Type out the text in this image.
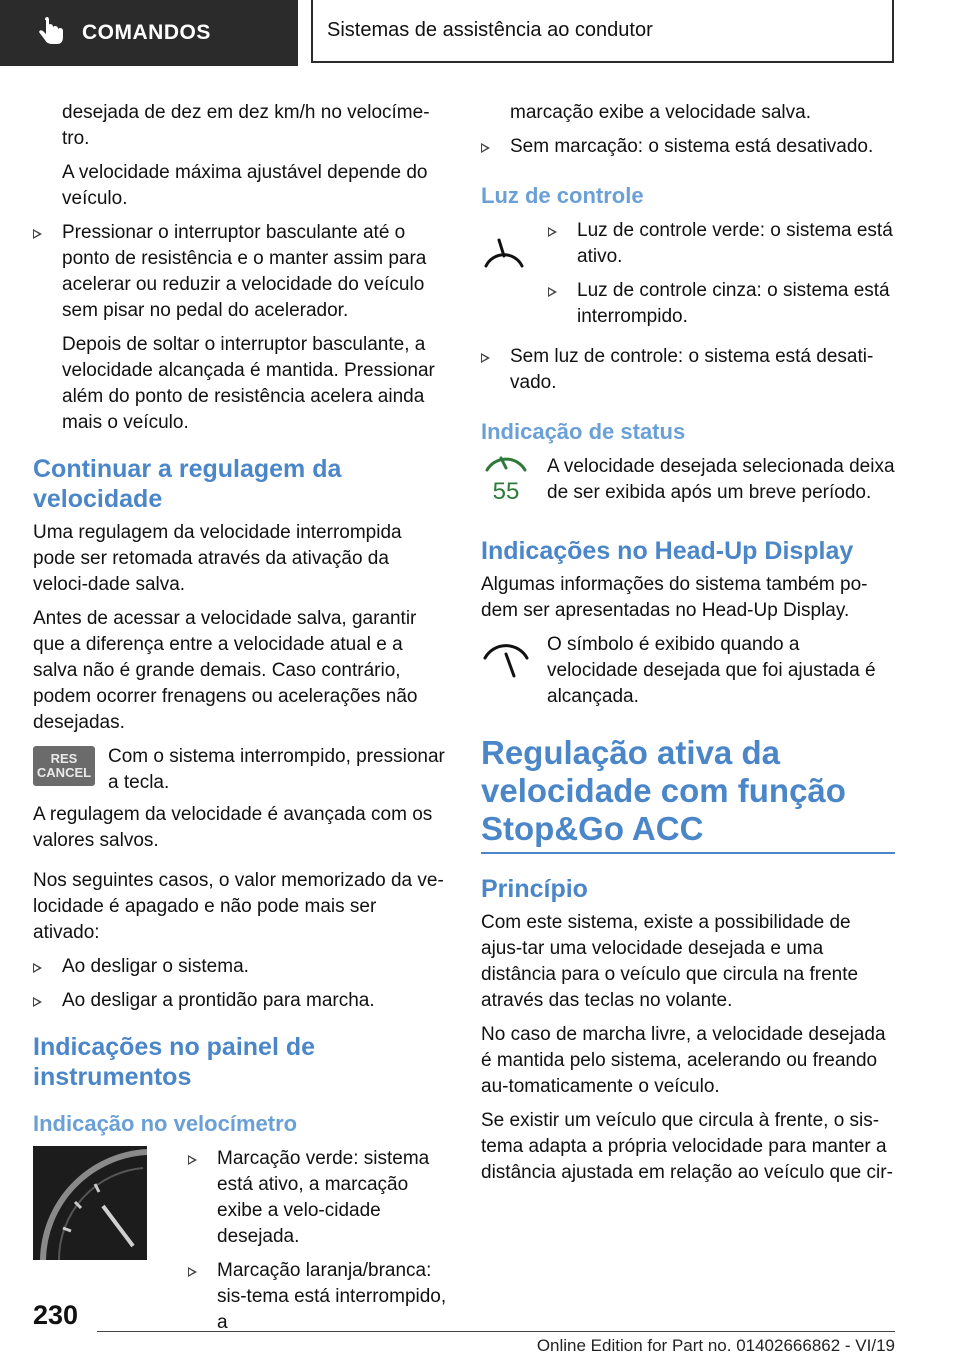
COMANDOS	Sistemas de assistência ao condutor

desejada de dez em dez km/h no velocíme-tro.

A velocidade máxima ajustável depende do veículo.

Pressionar o interruptor basculante até o ponto de resistência e o manter assim para acelerar ou reduzir a velocidade do veículo sem pisar no pedal do acelerador.

Depois de soltar o interruptor basculante, a velocidade alcançada é mantida. Pressionar além do ponto de resistência acelera ainda mais o veículo.

Continuar a regulagem da velocidade

Uma regulagem da velocidade interrompida pode ser retomada através da ativação da veloci-dade salva.

Antes de acessar a velocidade salva, garantir que a diferença entre a velocidade atual e a salva não é grande demais. Caso contrário, podem ocorrer frenagens ou acelerações não desejadas.

RES
CANCEL
Com o sistema interrompido, pressionar a tecla.

A regulagem da velocidade é avançada com os valores salvos.

Nos seguintes casos, o valor memorizado da ve-locidade é apagado e não pode mais ser ativado:

Ao desligar o sistema.
Ao desligar a prontidão para marcha.
Indicações no painel de instrumentos
Indicação no velocímetro
Marcação verde: sistema está ativo, a marcação exibe a velo-cidade desejada.
Marcação laranja/branca: sis-tema está interrompido, a

marcação exibe a velocidade salva.

Sem marcação: o sistema está desativado.
Luz de controle
Luz de controle verde: o sistema está ativo.
Luz de controle cinza: o sistema está interrompido.
Sem luz de controle: o sistema está desati-vado.
Indicação de status
55
A velocidade desejada selecionada deixa de ser exibida após um breve período.
Indicações no Head-Up Display

Algumas informações do sistema também po-dem ser apresentadas no Head-Up Display.

O símbolo é exibido quando a velocidade desejada que foi ajustada é alcançada.
Regulação ativa da velocidade com função Stop&Go ACC
Princípio

Com este sistema, existe a possibilidade de ajus-tar uma velocidade desejada e uma distância para o veículo que circula na frente através das teclas no volante.

No caso de marcha livre, a velocidade desejada é mantida pelo sistema, acelerando ou freando au-tomaticamente o veículo.

Se existir um veículo que circula à frente, o sis-tema adapta a própria velocidade para manter a distância ajustada em relação ao veículo que cir-

230
Online Edition for Part no. 01402666862 - VI/19
